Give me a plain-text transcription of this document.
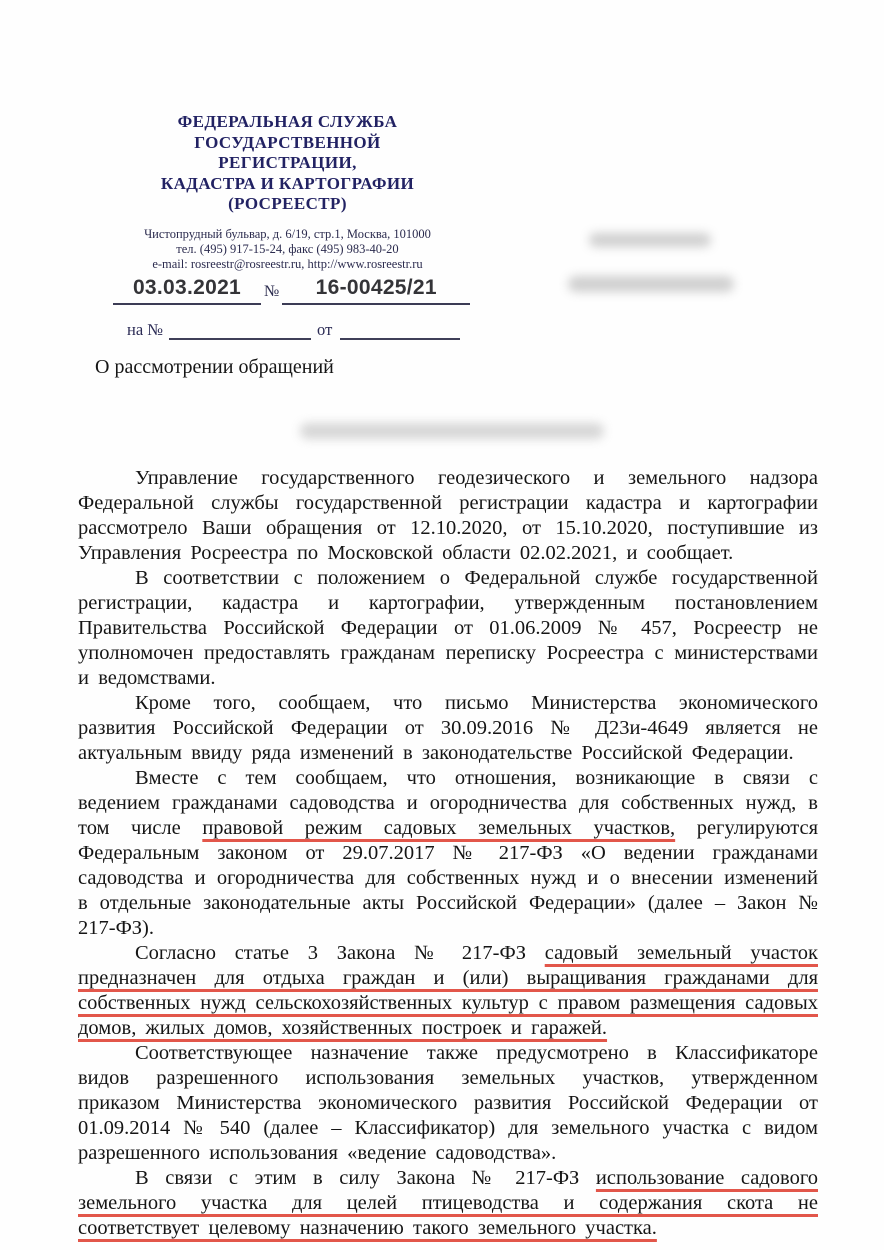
ФЕДЕРАЛЬНАЯ СЛУЖБА
ГОСУДАРСТВЕННОЙ
РЕГИСТРАЦИИ,
КАДАСТРА И КАРТОГРАФИИ
(РОСРЕЕСТР)
Чистопрудный бульвар, д. 6/19, стр.1, Москва, 101000
тел. (495) 917-15-24, факс (495) 983-40-20
e-mail: rosreestr@rosreestr.ru, http://www.rosreestr.ru
03.03.2021	№	16-00425/21
на №	от
О рассмотрении обращений

Управление государственного геодезического и земельного надзора Федеральной службы государственной регистрации кадастра и картографии рассмотрело Ваши обращения от 12.10.2020, от 15.10.2020, поступившие из Управления Росреестра по Московской области 02.02.2021, и сообщает.

В соответствии с положением о Федеральной службе государственной регистрации, кадастра и картографии, утвержденным постановлением Правительства Российской Федерации от 01.06.2009 № 457, Росреестр не уполномочен предоставлять гражданам переписку Росреестра с министерствами и ведомствами.

Кроме того, сообщаем, что письмо Министерства экономического развития Российской Федерации от 30.09.2016 № Д23и-4649 является не актуальным ввиду ряда изменений в законодательстве Российской Федерации.

Вместе с тем сообщаем, что отношения, возникающие в связи с ведением гражданами садоводства и огородничества для собственных нужд, в том числе правовой режим садовых земельных участков, регулируются Федеральным законом от 29.07.2017 № 217-ФЗ «О ведении гражданами садоводства и огородничества для собственных нужд и о внесении изменений в отдельные законодательные акты Российской Федерации» (далее – Закон № 217-ФЗ).

Согласно статье 3 Закона № 217-ФЗ садовый земельный участок предназначен для отдыха граждан и (или) выращивания гражданами для собственных нужд сельскохозяйственных культур с правом размещения садовых домов, жилых домов, хозяйственных построек и гаражей.

Соответствующее назначение также предусмотрено в Классификаторе видов разрешенного использования земельных участков, утвержденном приказом Министерства экономического развития Российской Федерации от 01.09.2014 № 540 (далее – Классификатор) для земельного участка с видом разрешенного использования «ведение садоводства».

В связи с этим в силу Закона № 217-ФЗ использование садового земельного участка для целей птицеводства и содержания скота не соответствует целевому назначению такого земельного участка.
